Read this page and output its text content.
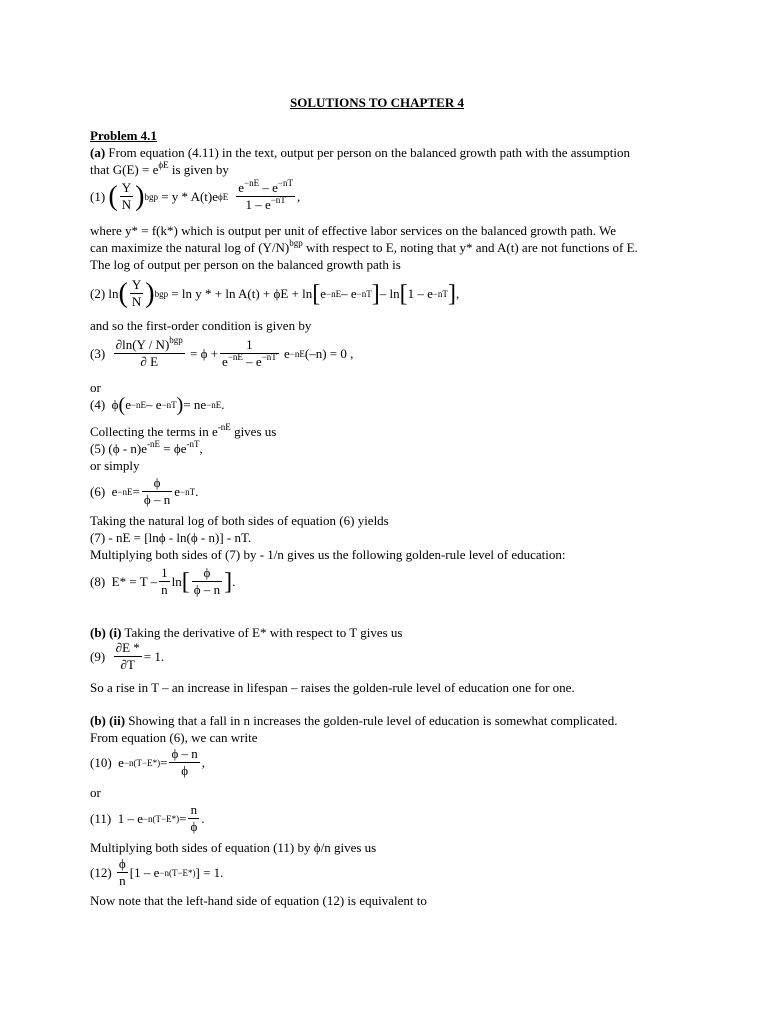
SOLUTIONS TO CHAPTER 4
Problem 4.1
(a) From equation (4.11) in the text, output per person on the balanced growth path with the assumption
that $G(E) = e^{\phi E}$ is given by
(1)
( $\frac{Y}{N}$ ) bgp
= y * A(t)e ϕE $\frac{e^{-nE} - e^{-nT}}{1 - e^{-nT}}$ ,
where y* = f(k*) which is output per unit of effective labor services on the balanced growth path. We
can maximize the natural log of $(Y/N)^{bgp}$ with respect to E, noting that y* and A(t) are not functions of E.
The log of output per person on the balanced growth path is
(2)
ln ( $\frac{Y}{N}$ ) bgp
= ln y * + ln A(t) + ϕE + ln [ e −nE – e −nT ] – ln [ 1 – e −nT ] ,
and so the first-order condition is given by
(3)
$\frac{\partial\ln(Y / N)^{bgp}}{\partial E}$
= $\phi + \frac{1}{e^{-nE} - e^{-nT}}$
e −nE (–n) = 0 ,
or
(4)
ϕ ( e −nE – e −nT ) = ne −nE .
Collecting the terms in $e^{-nE}$ gives us
(5) $(\phi - n)e^{-nE} = \phi e^{-nT}$,
or simply
(6)
$e -nE = \frac{\phi}{\phi - n}$ e −nT .
Taking the natural log of both sides of equation (6) yields
(7) - nE = [lnϕ - ln(ϕ - n)] - nT.
Multiplying both sides of (7) by - 1/n gives us the following golden-rule level of education:
(8)
$E* = T - \frac{1}{n}$ ln [ $\frac{\phi}{\phi - n}$ ] .
(b) (i) Taking the derivative of E* with respect to T gives us
(9)
$\frac{\partial E *}{\partial T} = 1$.
So a rise in T – an increase in lifespan – raises the golden-rule level of education one for one.
(b) (ii) Showing that a fall in n increases the golden-rule level of education is somewhat complicated.
From equation (6), we can write
(10)
$e -n(T-E*) = \frac{\phi - n}{\phi}$ ,
or
(11)
$1 - e -n(T-E*) = \frac{n}{\phi}$ .
Multiplying both sides of equation (11) by ϕ/n gives us
(12)
$\frac{\phi}{n} [1 - e -n(T-E*)$ ] = 1.
Now note that the left-hand side of equation (12) is equivalent to
